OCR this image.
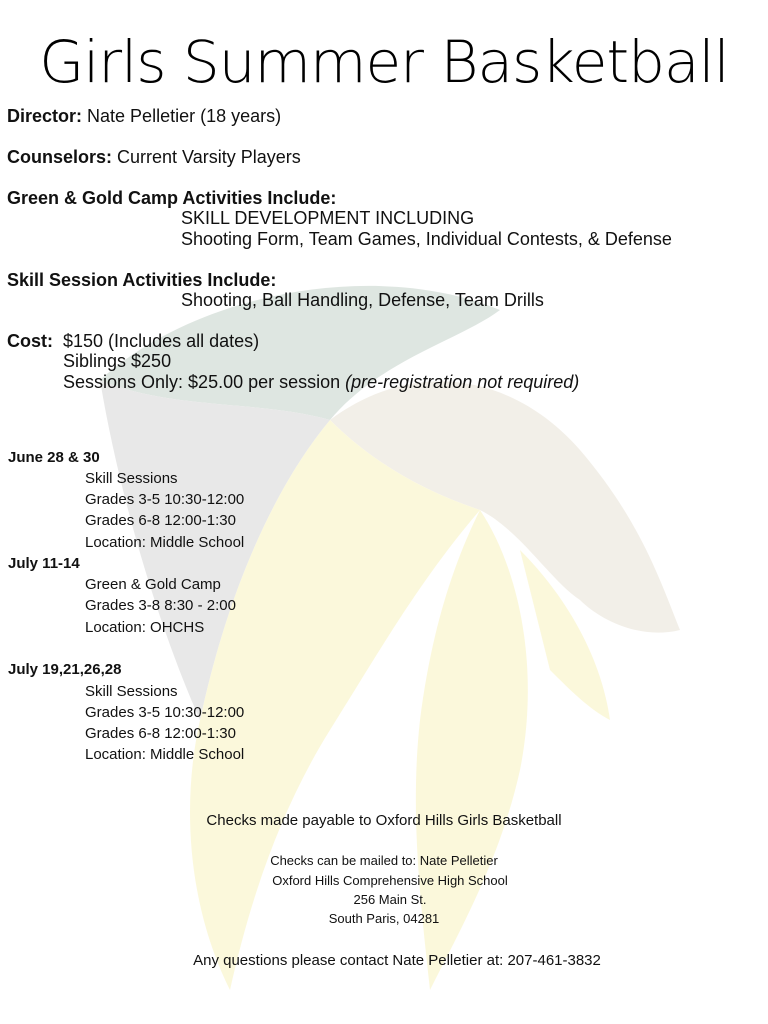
Girls Summer Basketball
Director: Nate Pelletier (18 years)
Counselors: Current Varsity Players
Green & Gold Camp Activities Include:
SKILL DEVELOPMENT INCLUDING
Shooting Form, Team Games, Individual Contests, & Defense
Skill Session Activities Include:
Shooting, Ball Handling, Defense, Team Drills
Cost: $150 (Includes all dates)
Siblings $250
Sessions Only: $25.00 per session (pre-registration not required)
June 28 & 30
Skill Sessions
Grades 3-5 10:30-12:00
Grades 6-8 12:00-1:30
Location: Middle School
July 11-14
Green & Gold Camp
Grades 3-8 8:30 - 2:00
Location: OHCHS
July 19,21,26,28
Skill Sessions
Grades 3-5 10:30-12:00
Grades 6-8 12:00-1:30
Location: Middle School
Checks made payable to Oxford Hills Girls Basketball
Checks can be mailed to: Nate Pelletier
Oxford Hills Comprehensive High School
256 Main St.
South Paris, 04281
Any questions please contact Nate Pelletier at: 207-461-3832
